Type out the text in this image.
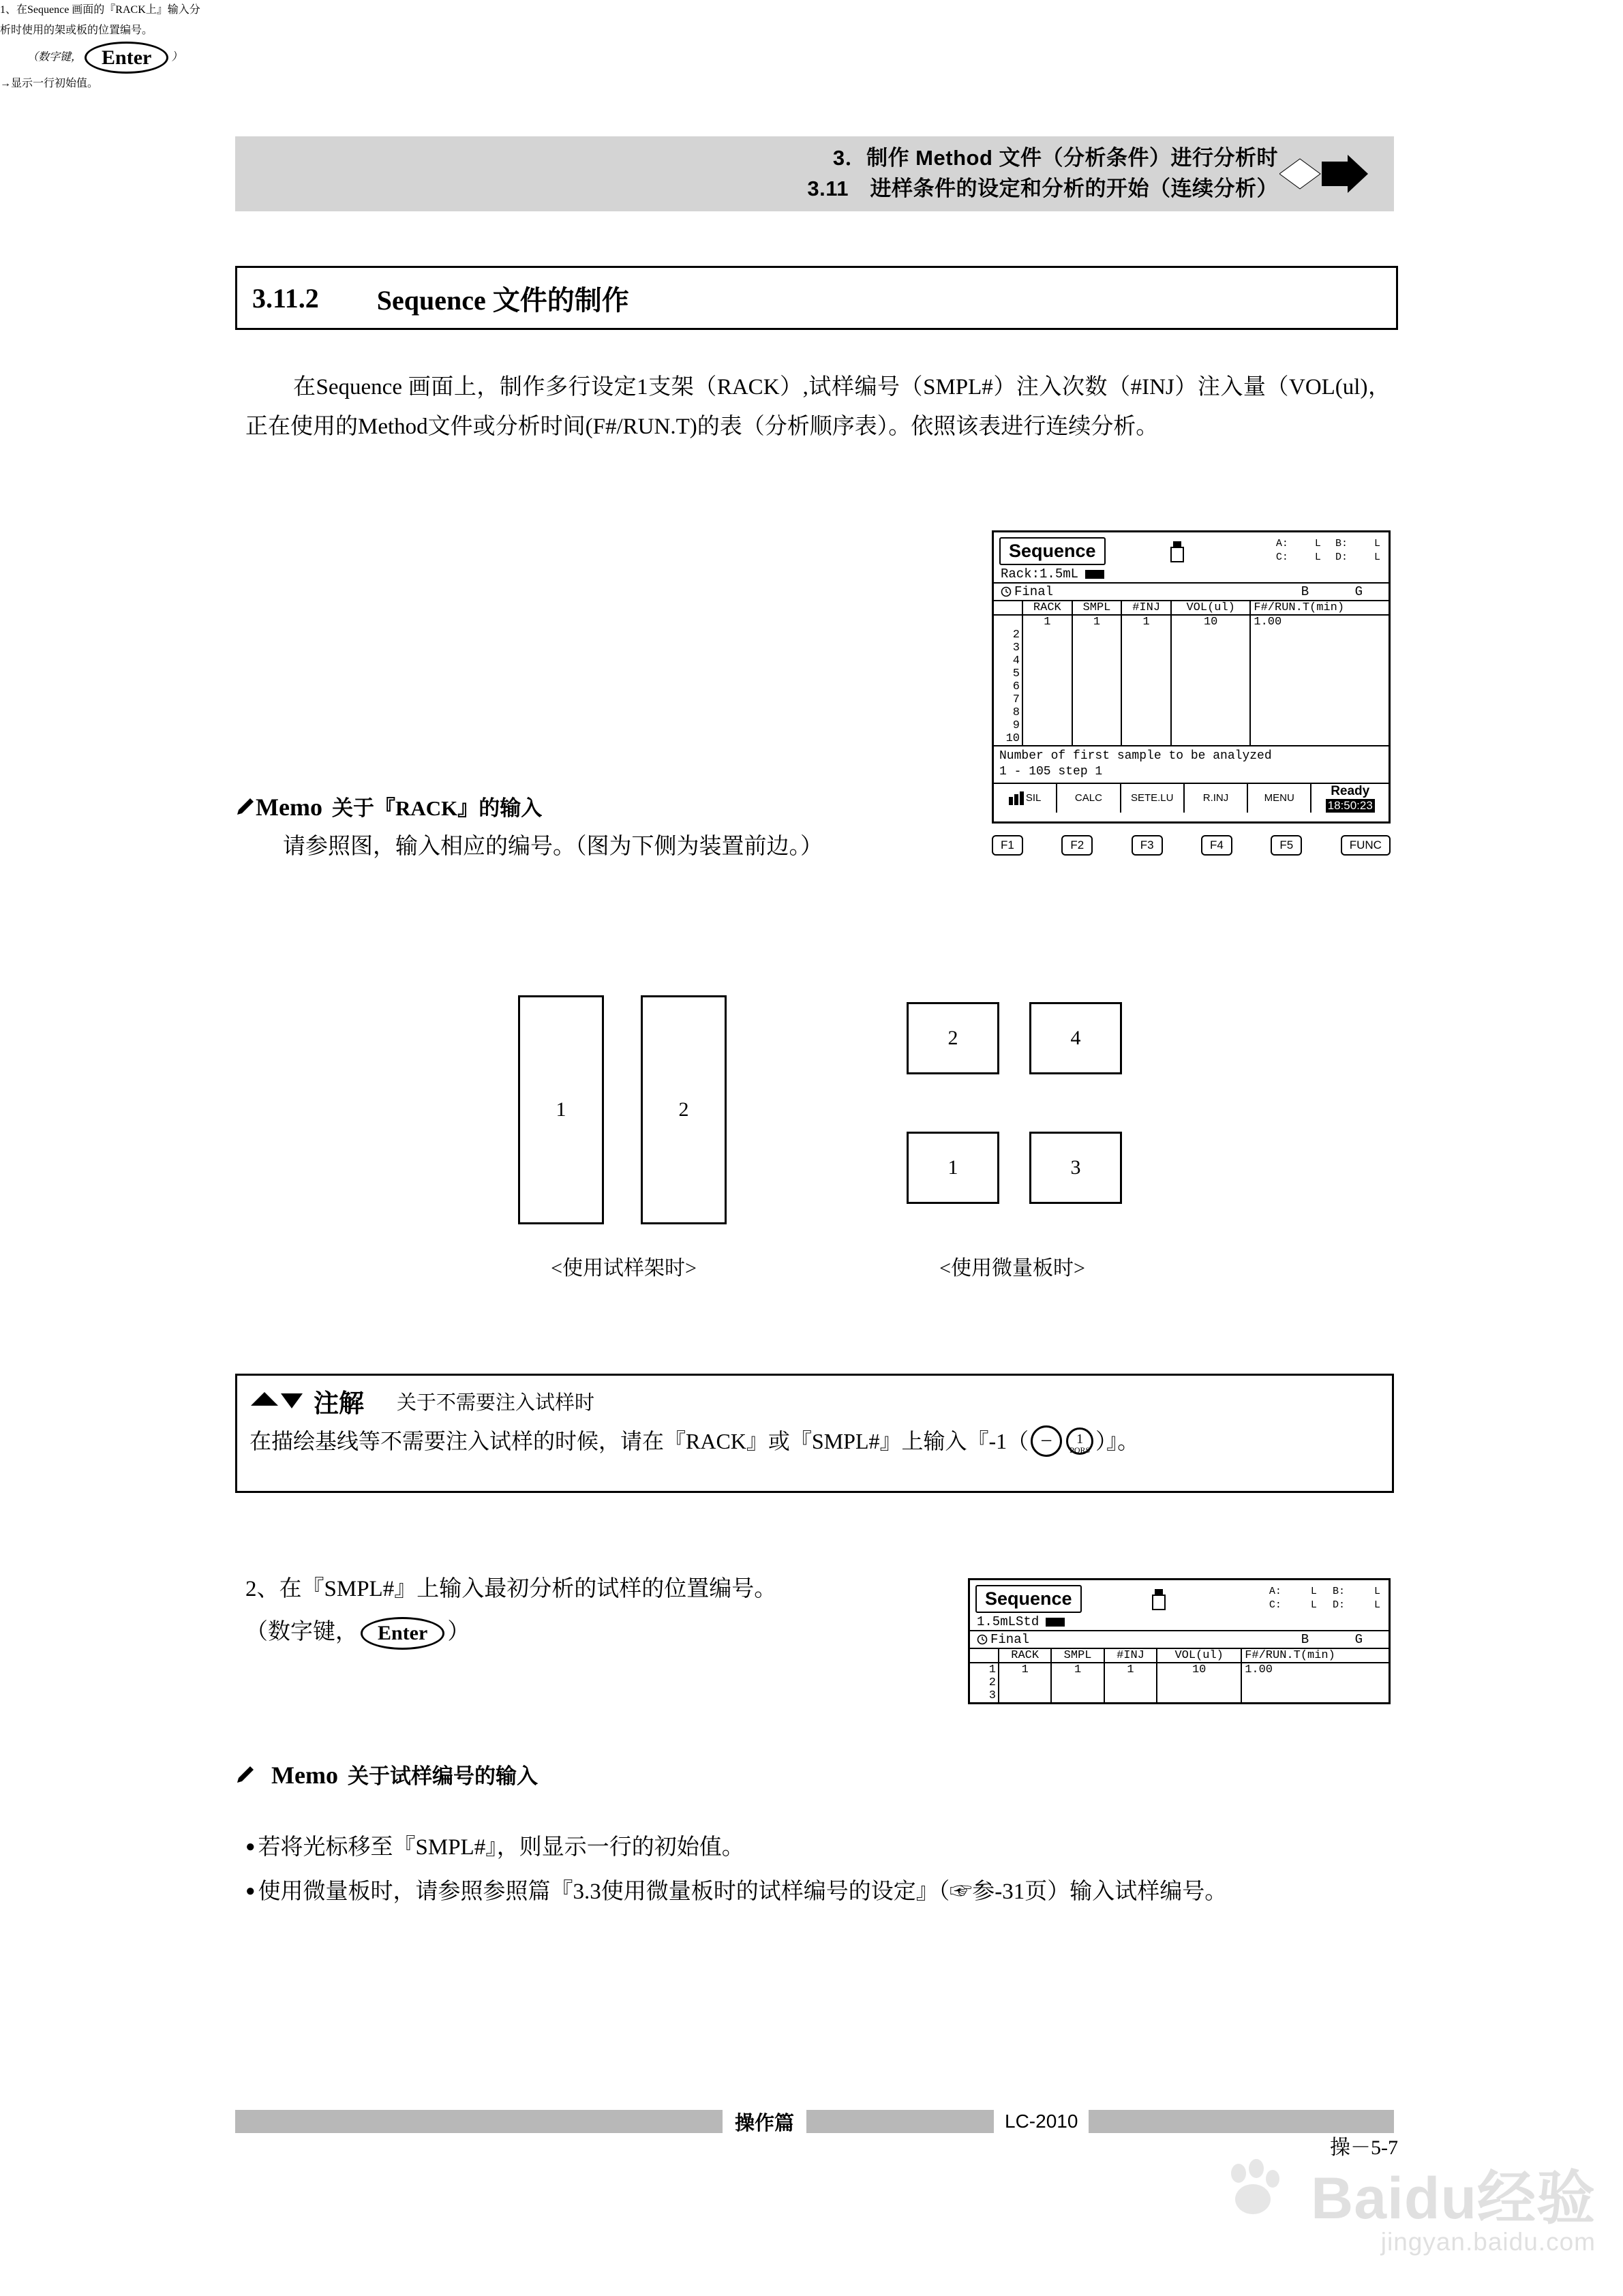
3．制作 Method 文件（分析条件）进行分析时
3.11　进样条件的设定和分析的开始（连续分析）
3.11.2	Sequence 文件的制作
在Sequence 画面上，制作多行设定1支架（RACK）,试样编号（SMPL#）注入次数（#INJ）注入量（VOL(ul)，正在使用的Method文件或分析时间(F#/RUN.T)的表（分析顺序表）。依照该表进行连续分析。
1、在Sequence 画面的『RACK上』输入分
析时使用的架或板的位置编号。
（数字键， Enter ）
→显示一行初始值。
Memo 关于『RACK』的输入
请参照图，输入相应的编号。（图为下侧为装置前边。）
Sequence	A:	L B:	L
C:	L D:	L
Rack:1.5mL
Final	B G
	RACK	SMPL	#INJ	VOL(ul)	F#/RUN.T(min)
	1	1	1	10	1.00
2					
3					
4					
5					
6					
7					
8					
9					
10					
Number of first sample to be analyzed
1 - 105 step 1
SIL	CALC	SETE.LU	R.INJ	MENU	Ready
18:50:23
F1	F2	F3	F4	F5	FUNC
1	2
<使用试样架时>
2	4
1	3
<使用微量板时>
注解	关于不需要注入试样时
在描绘基线等不需要注入试样的时候，请在『RACK』或『SMPL#』上输入『-1（ –	1
PQRS ）』。
2、在『SMPL#』上输入最初分析的试样的位置编号。
（数字键， Enter ）
Sequence	A:	L B:	L
C:	L D:	L
1.5mLStd
Final	B G
	RACK	SMPL	#INJ	VOL(ul)	F#/RUN.T(min)
1	1	1	1	10	1.00
2					
3					
Memo 关于试样编号的输入

● 若将光标移至『SMPL#』，则显示一行的初始值。

● 使用微量板时，请参照参照篇『3.3使用微量板时的试样编号的设定』（☞参-31页）输入试样编号。

操作篇	LC-2010
操－5-7
Baidu经验
jingyan.baidu.com
